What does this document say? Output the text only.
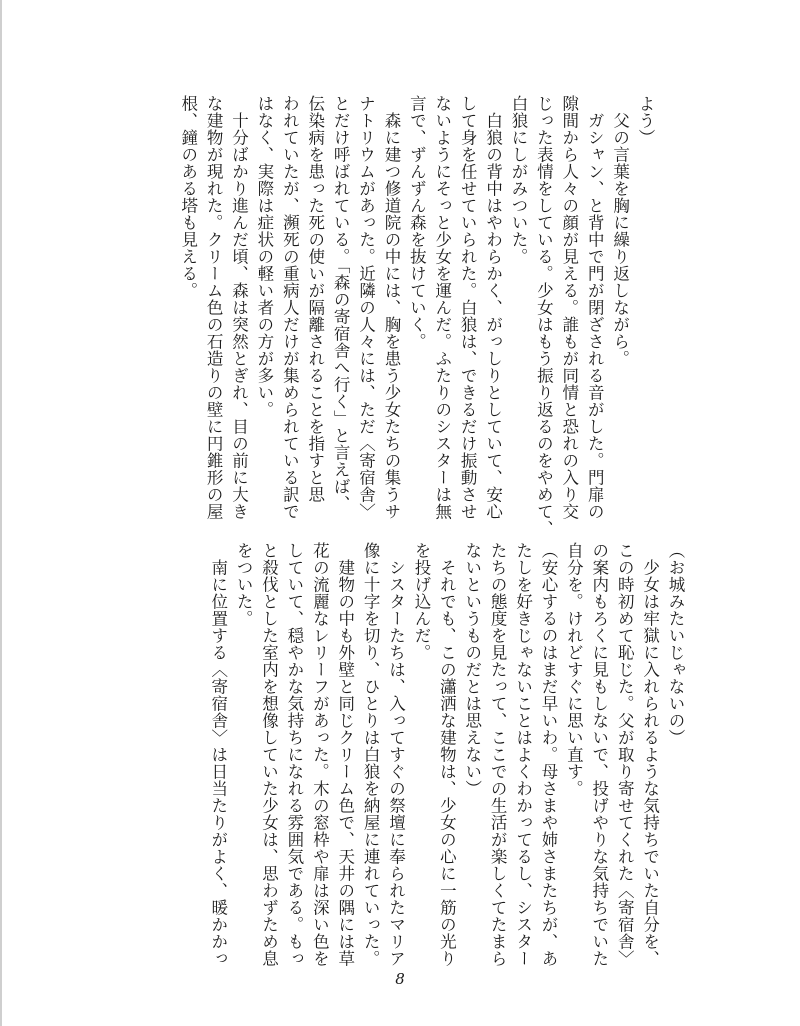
よう）

　父の言葉を胸に繰り返しながら。

　ガシャン、と背中で門が閉ざされる音がした。門扉の

隙間から人々の顔が見える。誰もが同情と恐れの入り交

じった表情をしている。少女はもう振り返るのをやめて、

白狼にしがみついた。

　白狼の背中はやわらかく、がっしりとしていて、安心

して身を任せていられた。白狼は、できるだけ振動させ

ないようにそっと少女を運んだ。ふたりのシスターは無

言で、ずんずん森を抜けていく。

　森に建つ修道院の中には、胸を患う少女たちの集うサ

ナトリウムがあった。近隣の人々には、ただ〈寄宿舎〉

とだけ呼ばれている。「森の寄宿舎へ行く」と言えば、

伝染病を患った死の使いが隔離されることを指すと思

われていたが、瀕死の重病人だけが集められている訳で

はなく、実際は症状の軽い者の方が多い。

　十分ばかり進んだ頃、森は突然とぎれ、目の前に大き

な建物が現れた。クリーム色の石造りの壁に円錐形の屋

根、鐘のある塔も見える。

（お城みたいじゃないの）

　少女は牢獄に入れられるような気持ちでいた自分を、

この時初めて恥じた。父が取り寄せてくれた〈寄宿舎〉

の案内もろくに見もしないで、投げやりな気持ちでいた

自分を。けれどすぐに思い直す。

（安心するのはまだ早いわ。母さまや姉さまたちが、あ

たしを好きじゃないことはよくわかってるし、シスター

たちの態度を見たって、ここでの生活が楽しくてたまら

ないというものだとは思えない）

　それでも、この瀟洒な建物は、少女の心に一筋の光り

を投げ込んだ。

　シスターたちは、入ってすぐの祭壇に奉られたマリア

像に十字を切り、ひとりは白狼を納屋に連れていった。

　建物の中も外壁と同じクリーム色で、天井の隅には草

花の流麗なレリーフがあった。木の窓枠や扉は深い色を

していて、穏やかな気持ちになれる雰囲気である。もっ

と殺伐とした室内を想像していた少女は、思わずため息

をついた。

　南に位置する〈寄宿舎〉は日当たりがよく、暖かかっ

8
